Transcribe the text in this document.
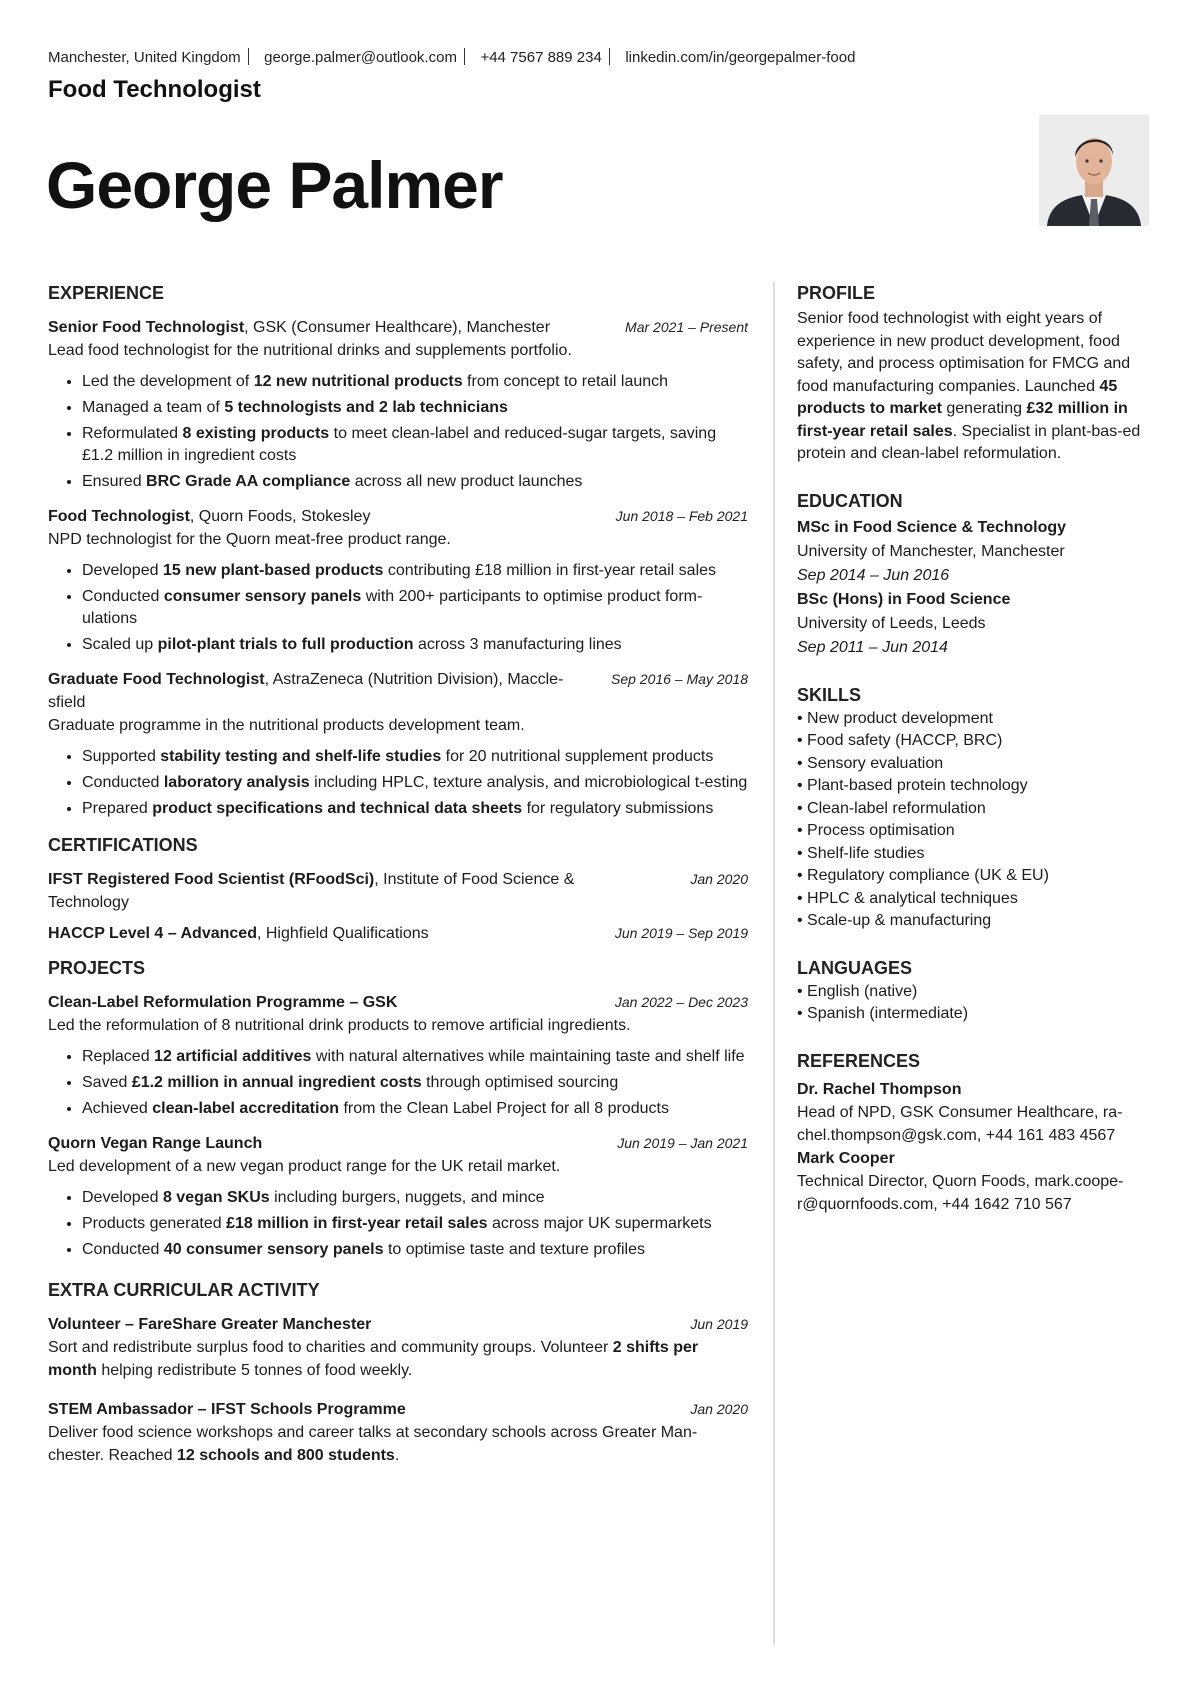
Manchester, United Kingdom george.palmer@outlook.com +44 7567 889 234 linkedin.com/in/georgepalmer-food
Food Technologist
George Palmer
EXPERIENCE
Senior Food Technologist, GSK (Consumer Healthcare), Manchester	Mar 2021 – Present
Lead food technologist for the nutritional drinks and supplements portfolio.
• Led the development of 12 new nutritional products from concept to retail launch
• Managed a team of 5 technologists and 2 lab technicians
• Reformulated 8 existing products to meet clean-label and reduced-sugar targets, saving £1.2 million in ingredient costs
• Ensured BRC Grade AA compliance across all new product launches
Food Technologist, Quorn Foods, Stokesley	Jun 2018 – Feb 2021
NPD technologist for the Quorn meat-free product range.
• Developed 15 new plant-based products contributing £18 million in first-year retail sales
• Conducted consumer sensory panels with 200+ participants to optimise product form-ulations
• Scaled up pilot-plant trials to full production across 3 manufacturing lines
Graduate Food Technologist, AstraZeneca (Nutrition Division), Maccle-sfield
Sep 2016 – May 2018
Graduate programme in the nutritional products development team.
• Supported stability testing and shelf-life studies for 20 nutritional supplement products
• Conducted laboratory analysis including HPLC, texture analysis, and microbiological t-esting
• Prepared product specifications and technical data sheets for regulatory submissions
CERTIFICATIONS
IFST Registered Food Scientist (RFoodSci), Institute of Food Science & Technology
Jan 2020
HACCP Level 4 – Advanced, Highfield Qualifications	Jun 2019 – Sep 2019
PROJECTS
Clean-Label Reformulation Programme – GSK	Jan 2022 – Dec 2023
Led the reformulation of 8 nutritional drink products to remove artificial ingredients.
• Replaced 12 artificial additives with natural alternatives while maintaining taste and shelf life
• Saved £1.2 million in annual ingredient costs through optimised sourcing
• Achieved clean-label accreditation from the Clean Label Project for all 8 products
Quorn Vegan Range Launch	Jun 2019 – Jan 2021
Led development of a new vegan product range for the UK retail market.
• Developed 8 vegan SKUs including burgers, nuggets, and mince
• Products generated £18 million in first-year retail sales across major UK supermarkets
• Conducted 40 consumer sensory panels to optimise taste and texture profiles
EXTRA CURRICULAR ACTIVITY
Volunteer – FareShare Greater Manchester	Jun 2019
Sort and redistribute surplus food to charities and community groups. Volunteer 2 shifts per month helping redistribute 5 tonnes of food weekly.
STEM Ambassador – IFST Schools Programme	Jan 2020
Deliver food science workshops and career talks at secondary schools across Greater Man-chester. Reached 12 schools and 800 students.
PROFILE
Senior food technologist with eight years of experience in new product development, food safety, and process optimisation for FMCG and food manufacturing companies. Launched 45 products to market generating £32 million in first-year retail sales. Specialist in plant-bas-ed protein and clean-label reformulation.
EDUCATION
MSc in Food Science & Technology
University of Manchester, Manchester
Sep 2014 – Jun 2016
BSc (Hons) in Food Science
University of Leeds, Leeds
Sep 2011 – Jun 2014
SKILLS
• New product development
• Food safety (HACCP, BRC)
• Sensory evaluation
• Plant-based protein technology
• Clean-label reformulation
• Process optimisation
• Shelf-life studies
• Regulatory compliance (UK & EU)
• HPLC & analytical techniques
• Scale-up & manufacturing
LANGUAGES
• English (native)
• Spanish (intermediate)
REFERENCES
Dr. Rachel Thompson
Head of NPD, GSK Consumer Healthcare, ra-chel.thompson@gsk.com, +44 161 483 4567
Mark Cooper
Technical Director, Quorn Foods, mark.coope-r@quornfoods.com, +44 1642 710 567
